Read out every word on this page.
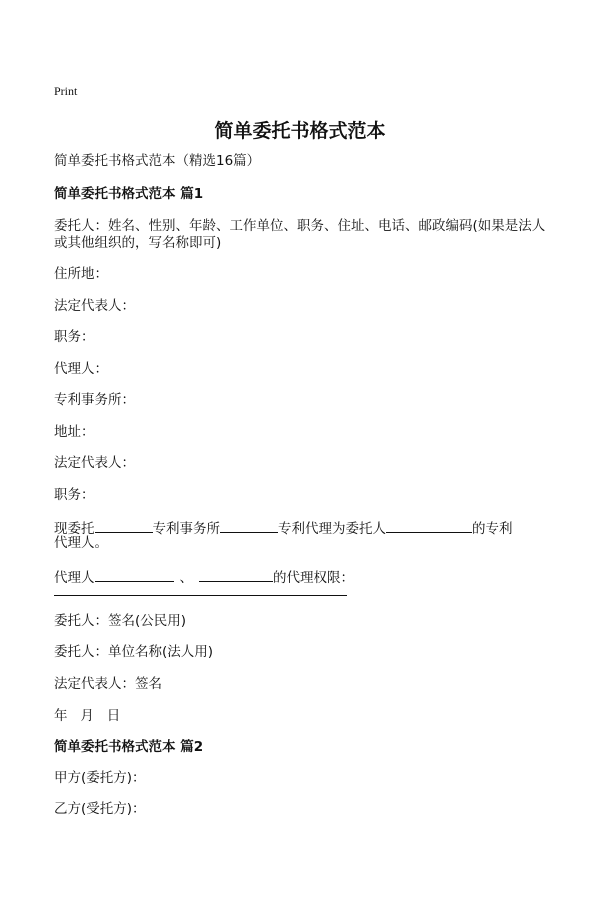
Print
简单委托书格式范本
简单委托书格式范本（精选16篇）
简单委托书格式范本 篇1
委托人：姓名、性别、年龄、工作单位、职务、住址、电话、邮政编码(如果是法人或其他组织的，写名称即可)
住所地：
法定代表人：
职务：
代理人：
专利事务所：
地址：
法定代表人：
职务：
现委托	专利事务所	专利代理为委托人	的专利
代理人。
代理人	、	的代理权限：
委托人：签名(公民用)
委托人：单位名称(法人用)
法定代表人：签名
年   月   日
简单委托书格式范本 篇2
甲方(委托方)：
乙方(受托方)：
